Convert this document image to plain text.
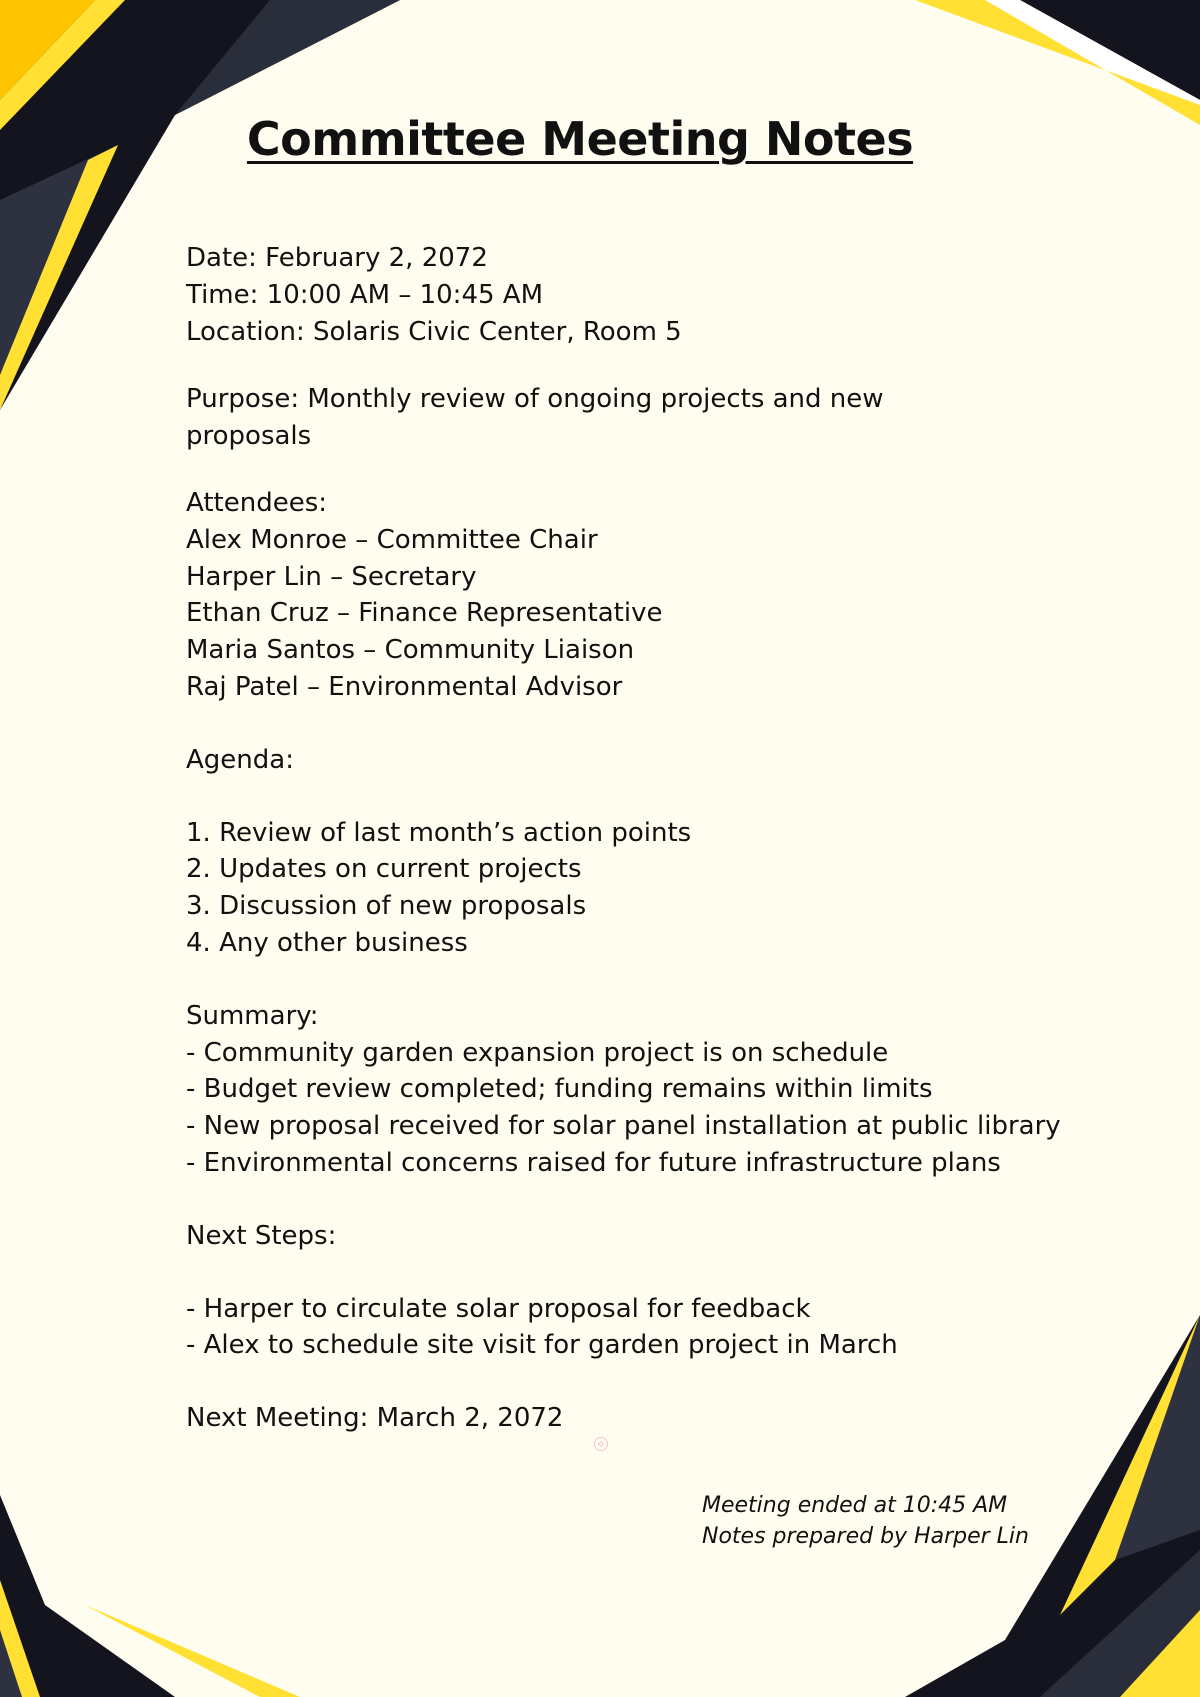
Committee Meeting Notes

Date: February 2, 2072

Time: 10:00 AM – 10:45 AM

Location: Solaris Civic Center, Room 5

Purpose: Monthly review of ongoing projects and new proposals

Attendees:

Alex Monroe – Committee Chair

Harper Lin – Secretary

Ethan Cruz – Finance Representative

Maria Santos – Community Liaison

Raj Patel – Environmental Advisor

Agenda:

1. Review of last month’s action points

2. Updates on current projects

3. Discussion of new proposals

4. Any other business

Summary:

- Community garden expansion project is on schedule

- Budget review completed; funding remains within limits

- New proposal received for solar panel installation at public library

- Environmental concerns raised for future infrastructure plans

Next Steps:

- Harper to circulate solar proposal for feedback

- Alex to schedule site visit for garden project in March

Next Meeting: March 2, 2072

◇

Meeting ended at 10:45 AM

Notes prepared by Harper Lin
